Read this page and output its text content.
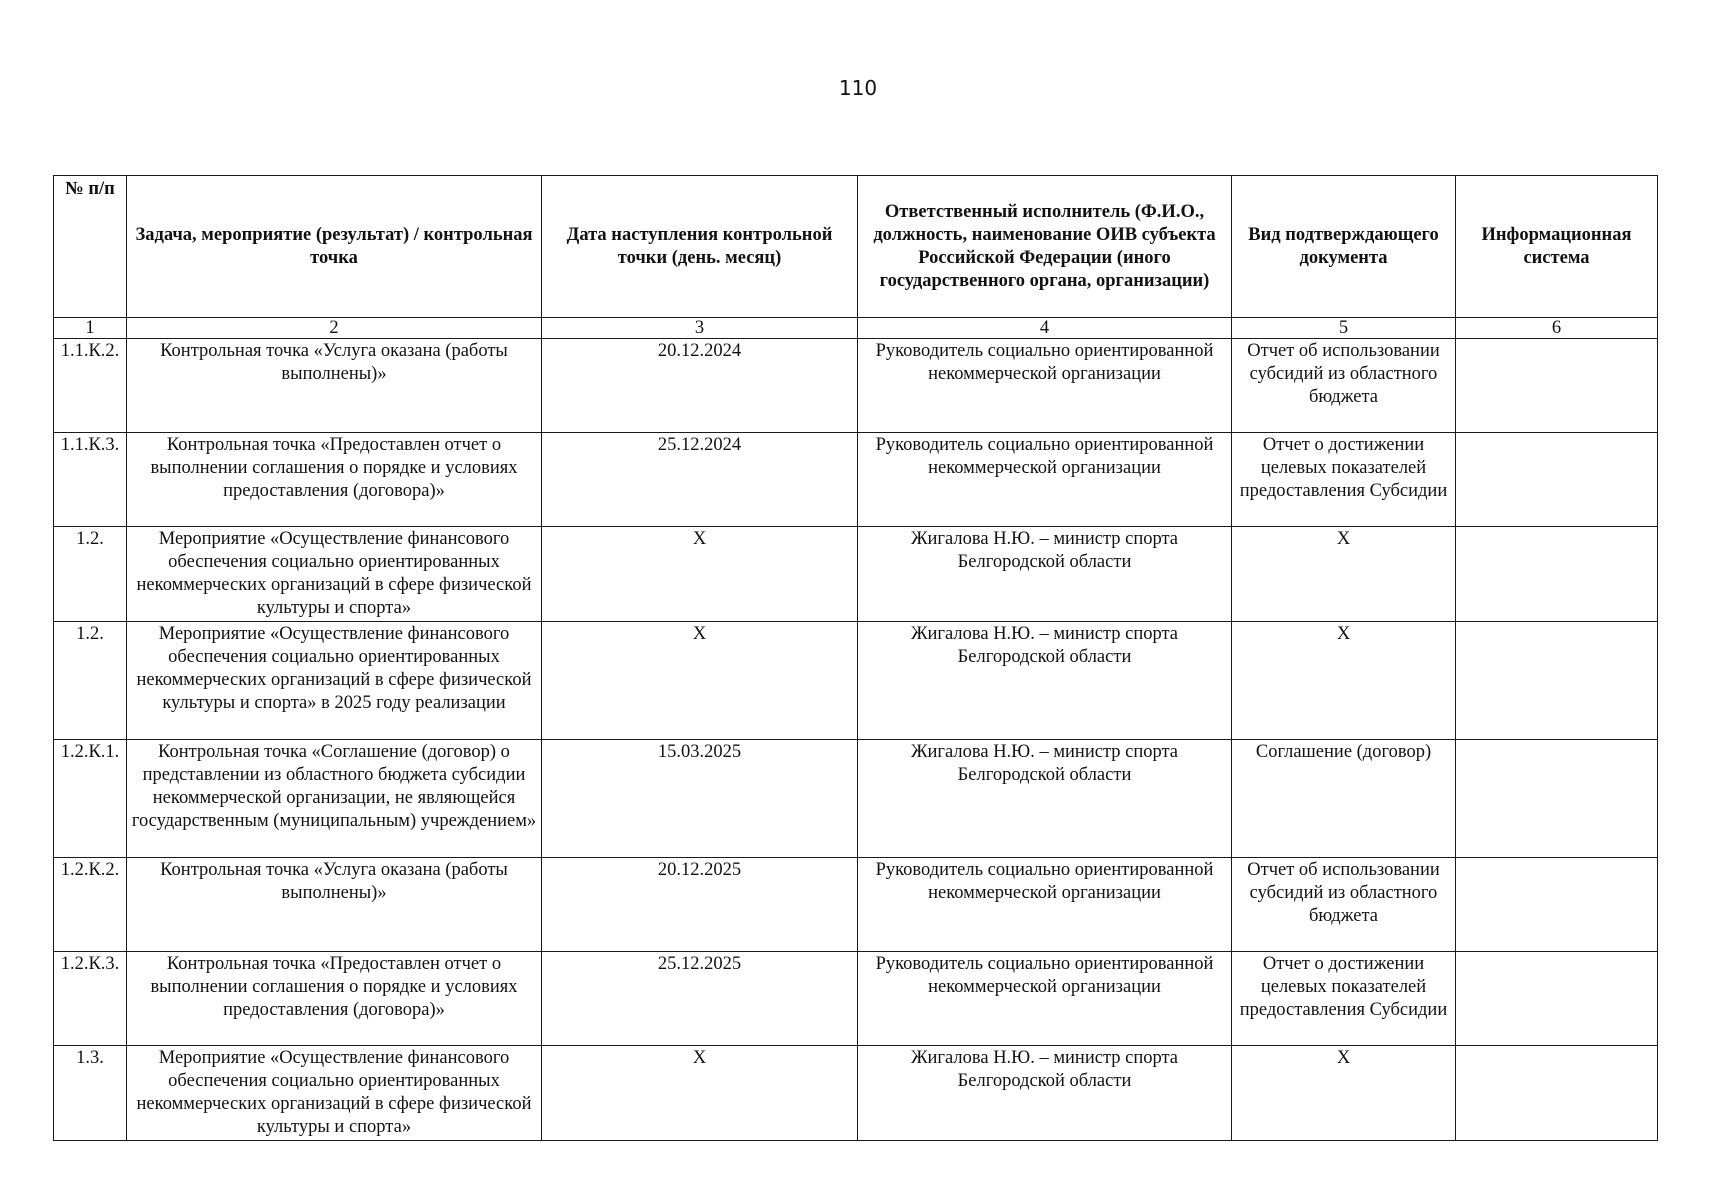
110
№ п/п	Задача, мероприятие (результат) / контрольная точка	Дата наступления контрольной точки (день. месяц)	Ответственный исполнитель (Ф.И.О., должность, наименование ОИВ субъекта Российской Федерации (иного государственного органа, организации)	Вид подтверждающего документа	Информационная система
1	2	3	4	5	6
1.1.К.2.	Контрольная точка «Услуга оказана (работы выполнены)»	20.12.2024	Руководитель социально ориентированной некоммерческой организации	Отчет об использовании субсидий из областного бюджета	
1.1.К.3.	Контрольная точка «Предоставлен отчет о выполнении соглашения о порядке и условиях предоставления (договора)»	25.12.2024	Руководитель социально ориентированной некоммерческой организации	Отчет о достижении целевых показателей предоставления Субсидии	
1.2.	Мероприятие «Осуществление финансового обеспечения социально ориентированных некоммерческих организаций в сфере физической культуры и спорта»	X	Жигалова Н.Ю. – министр спорта Белгородской области	X	
1.2.	Мероприятие «Осуществление финансового обеспечения социально ориентированных некоммерческих организаций в сфере физической культуры и спорта» в 2025 году реализации	X	Жигалова Н.Ю. – министр спорта Белгородской области	X	
1.2.К.1.	Контрольная точка «Соглашение (договор) о представлении из областного бюджета субсидии некоммерческой организации, не являющейся государственным (муниципальным) учреждением»	15.03.2025	Жигалова Н.Ю. – министр спорта Белгородской области	Соглашение (договор)	
1.2.К.2.	Контрольная точка «Услуга оказана (работы выполнены)»	20.12.2025	Руководитель социально ориентированной некоммерческой организации	Отчет об использовании субсидий из областного бюджета	
1.2.К.3.	Контрольная точка «Предоставлен отчет о выполнении соглашения о порядке и условиях предоставления (договора)»	25.12.2025	Руководитель социально ориентированной некоммерческой организации	Отчет о достижении целевых показателей предоставления Субсидии	
1.3.	Мероприятие «Осуществление финансового обеспечения социально ориентированных некоммерческих организаций в сфере физической культуры и спорта»	X	Жигалова Н.Ю. – министр спорта Белгородской области	X	
